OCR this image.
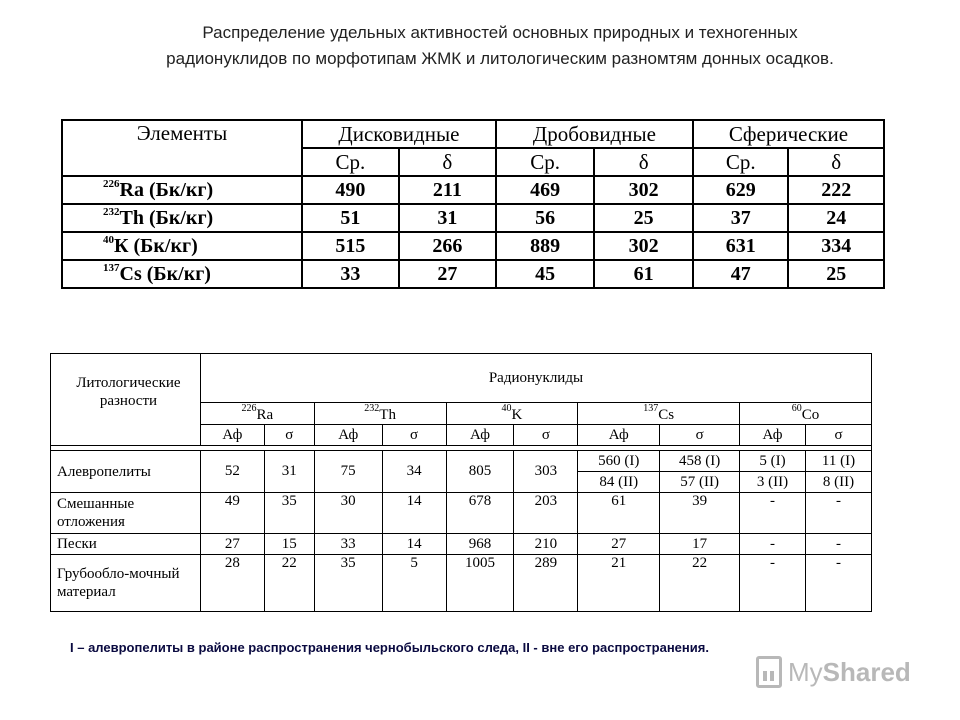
Распределение удельных активностей основных природных и техногенных
радионуклидов по морфотипам ЖМК и литологическим разномтям донных осадков.
Элементы	Дисковидные		Дробовидные		Сферические	
	Ср.	δ	Ср.	δ	Ср.	δ
$^{226}$Ra (Бк/кг)	490	211	469	302	629	222
$^{232}$Th (Бк/кг)	51	31	56	25	37	24
$^{40}$К (Бк/кг)	515	266	889	302	631	334
$^{137}$Cs (Бк/кг)	33	27	45	61	47	25
Литологические разности	Радионуклиды									
	$^{226}$Ra		$^{232}$Th		$^{40}$K		$^{137}$Cs		$^{60}$Co	
	Аф	σ	Аф	σ	Аф	σ	Аф	σ	Аф	σ

Алевропелиты	52	31	75	34	805	303	560 (I)	458 (I)	5 (I)	11 (I)
							84 (II)	57 (II)	3 (II)	8 (II)
Смешанные отложения	49	35	30	14	678	203	61	39	-	-
Пески	27	15	33	14	968	210	27	17	-	-
Грубообло-мочный материал	28	22	35	5	1005	289	21	22	-	-
I – алевропелиты в районе распространения чернобыльского следа, II - вне его распространения.
MyShared
